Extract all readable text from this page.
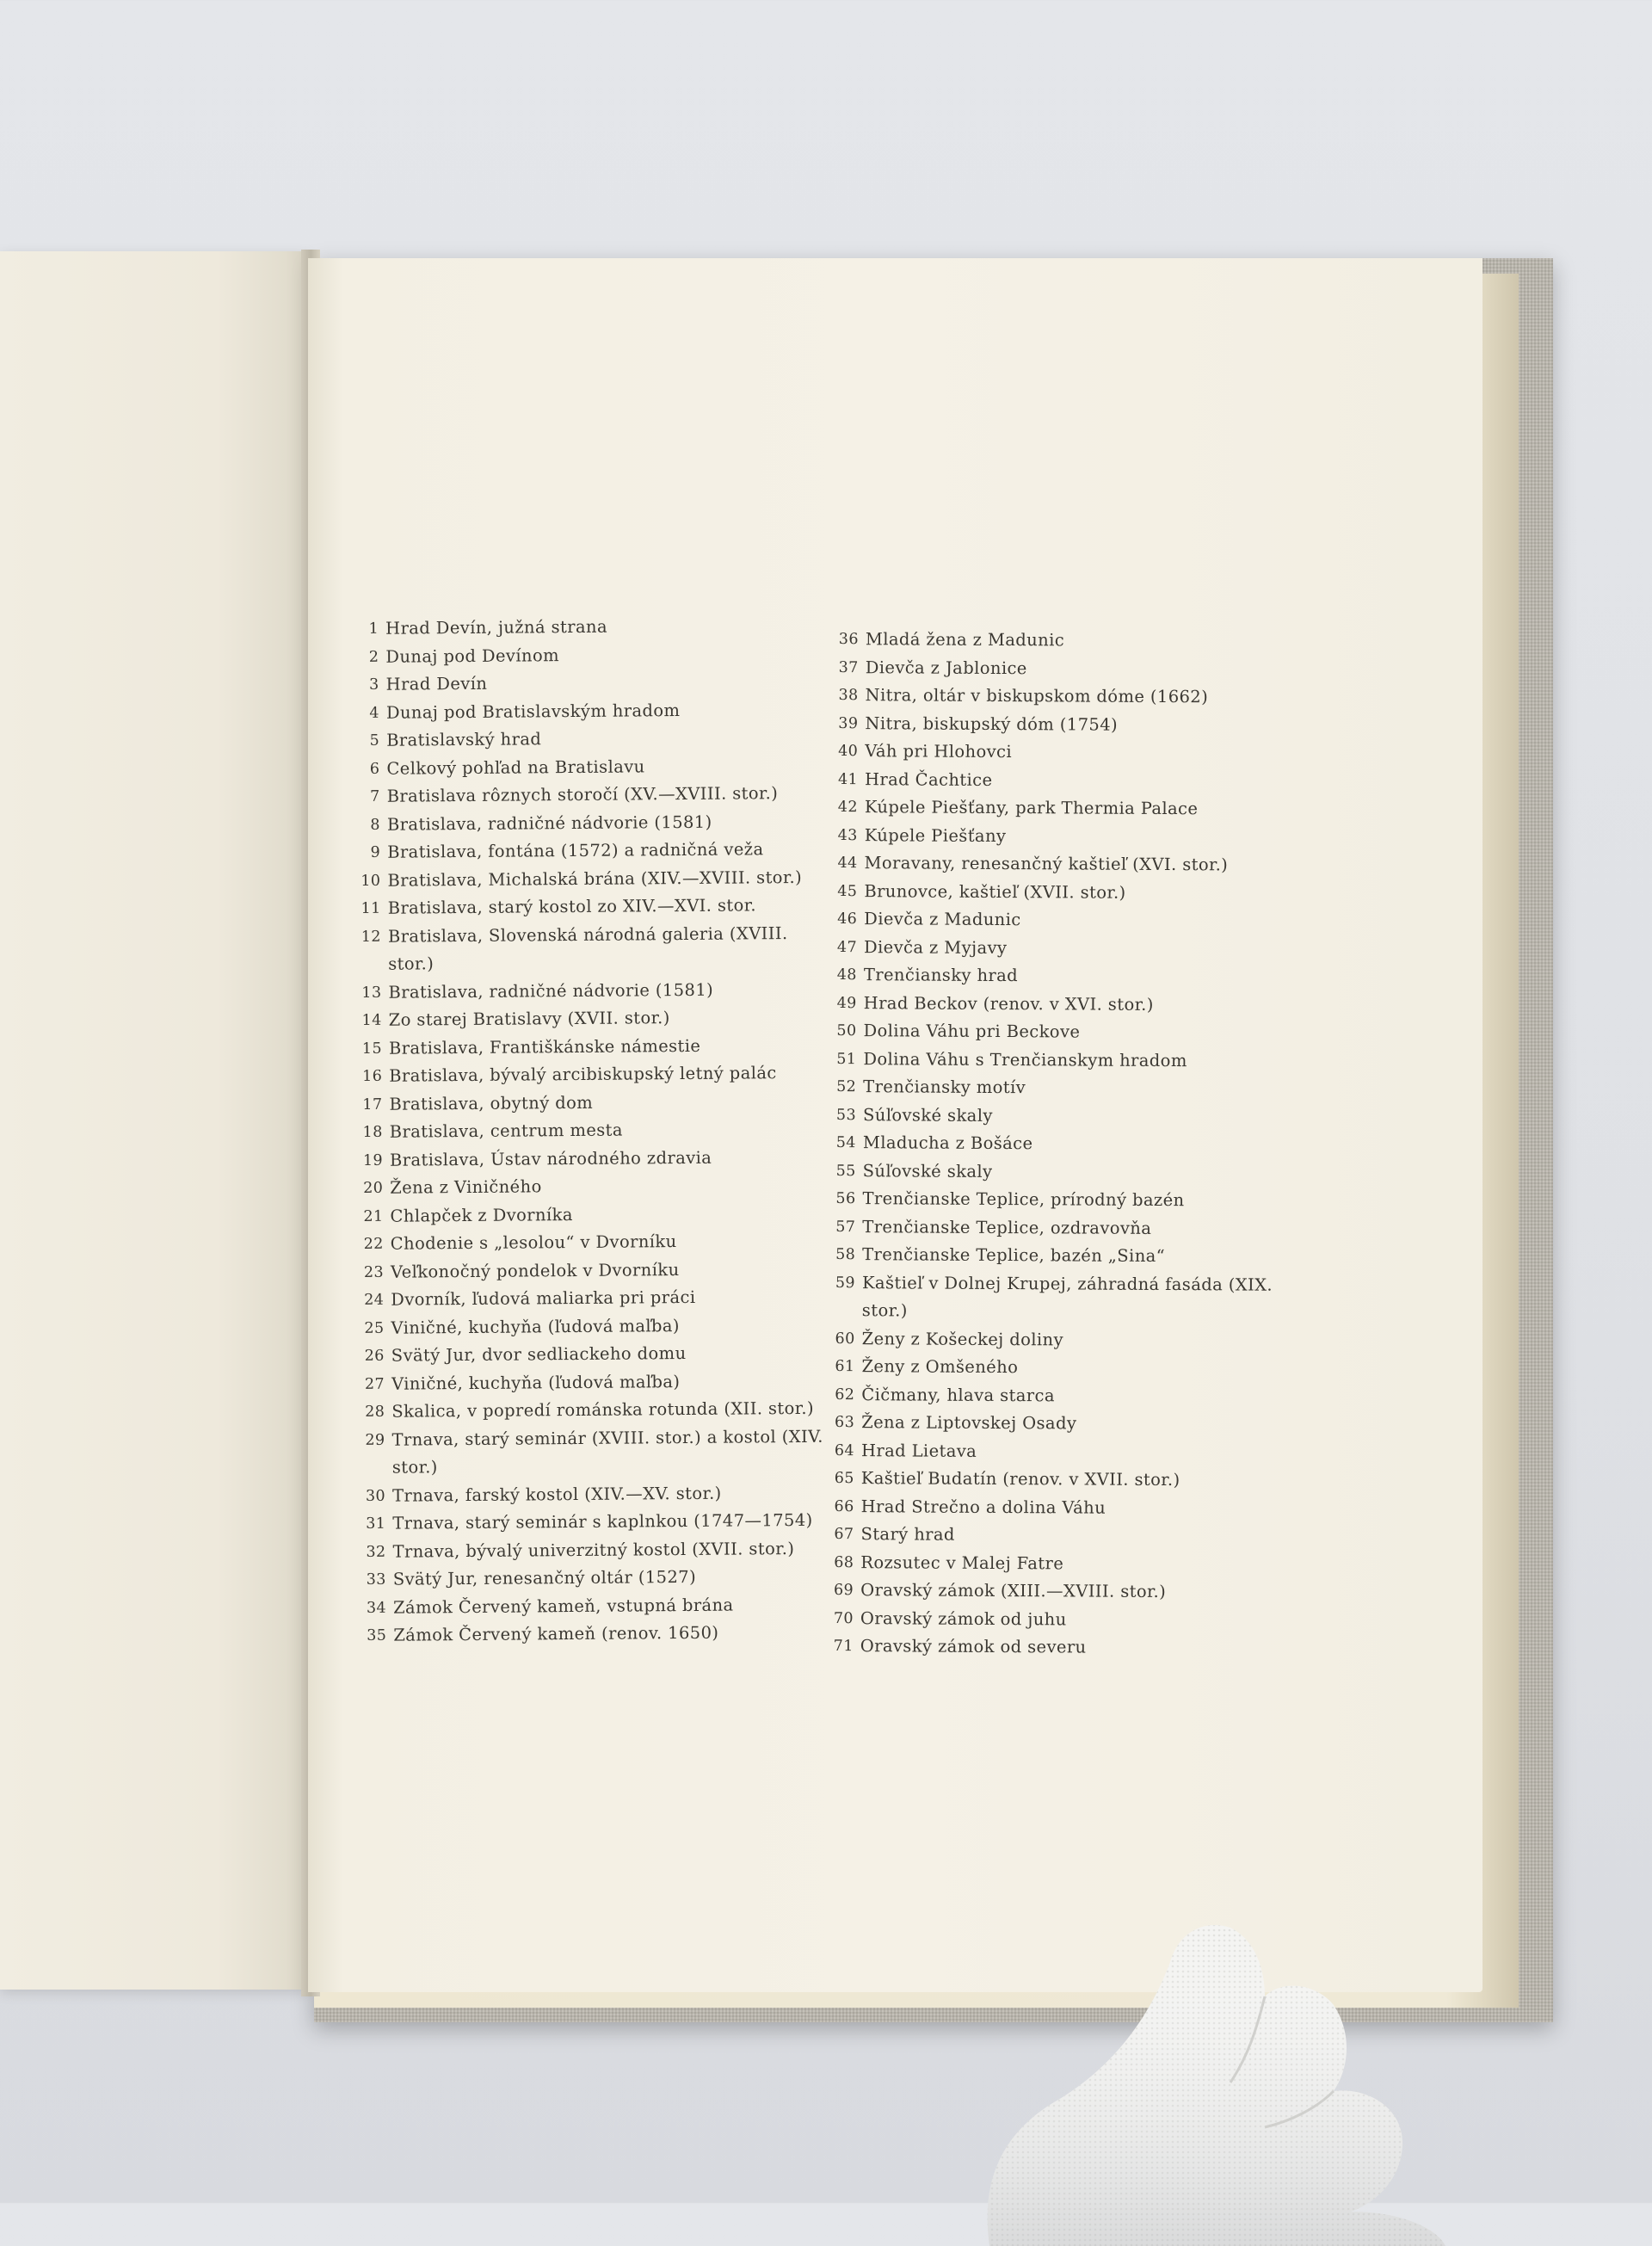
1 Hrad Devín, južná strana
2 Dunaj pod Devínom
3 Hrad Devín
4 Dunaj pod Bratislavským hradom
5 Bratislavský hrad
6 Celkový pohľad na Bratislavu
7 Bratislava rôznych storočí (XV.—XVIII. stor.)
8 Bratislava, radničné nádvorie (1581)
9 Bratislava, fontána (1572) a radničná veža
10 Bratislava, Michalská brána (XIV.—XVIII. stor.)
11 Bratislava, starý kostol zo XIV.—XVI. stor.
12 Bratislava, Slovenská národná galeria (XVIII. stor.)
13 Bratislava, radničné nádvorie (1581)
14 Zo starej Bratislavy (XVII. stor.)
15 Bratislava, Františkánske námestie
16 Bratislava, bývalý arcibiskupský letný palác
17 Bratislava, obytný dom
18 Bratislava, centrum mesta
19 Bratislava, Ústav národného zdravia
20 Žena z Viničného
21 Chlapček z Dvorníka
22 Chodenie s „lesolou“ v Dvorníku
23 Veľkonočný pondelok v Dvorníku
24 Dvorník, ľudová maliarka pri práci
25 Viničné, kuchyňa (ľudová maľba)
26 Svätý Jur, dvor sedliackeho domu
27 Viničné, kuchyňa (ľudová maľba)
28 Skalica, v popredí románska rotunda (XII. stor.)
29 Trnava, starý seminár (XVIII. stor.) a kostol (XIV. stor.)
30 Trnava, farský kostol (XIV.—XV. stor.)
31 Trnava, starý seminár s kaplnkou (1747—1754)
32 Trnava, bývalý univerzitný kostol (XVII. stor.)
33 Svätý Jur, renesančný oltár (1527)
34 Zámok Červený kameň, vstupná brána
35 Zámok Červený kameň (renov. 1650)
36 Mladá žena z Madunic
37 Dievča z Jablonice
38 Nitra, oltár v biskupskom dóme (1662)
39 Nitra, biskupský dóm (1754)
40 Váh pri Hlohovci
41 Hrad Čachtice
42 Kúpele Piešťany, park Thermia Palace
43 Kúpele Piešťany
44 Moravany, renesančný kaštieľ (XVI. stor.)
45 Brunovce, kaštieľ (XVII. stor.)
46 Dievča z Madunic
47 Dievča z Myjavy
48 Trenčiansky hrad
49 Hrad Beckov (renov. v XVI. stor.)
50 Dolina Váhu pri Beckove
51 Dolina Váhu s Trenčianskym hradom
52 Trenčiansky motív
53 Súľovské skaly
54 Mladucha z Bošáce
55 Súľovské skaly
56 Trenčianske Teplice, prírodný bazén
57 Trenčianske Teplice, ozdravovňa
58 Trenčianske Teplice, bazén „Sina“
59 Kaštieľ v Dolnej Krupej, záhradná fasáda (XIX. stor.)
60 Ženy z Košeckej doliny
61 Ženy z Omšeného
62 Čičmany, hlava starca
63 Žena z Liptovskej Osady
64 Hrad Lietava
65 Kaštieľ Budatín (renov. v XVII. stor.)
66 Hrad Strečno a dolina Váhu
67 Starý hrad
68 Rozsutec v Malej Fatre
69 Oravský zámok (XIII.—XVIII. stor.)
70 Oravský zámok od juhu
71 Oravský zámok od severu
